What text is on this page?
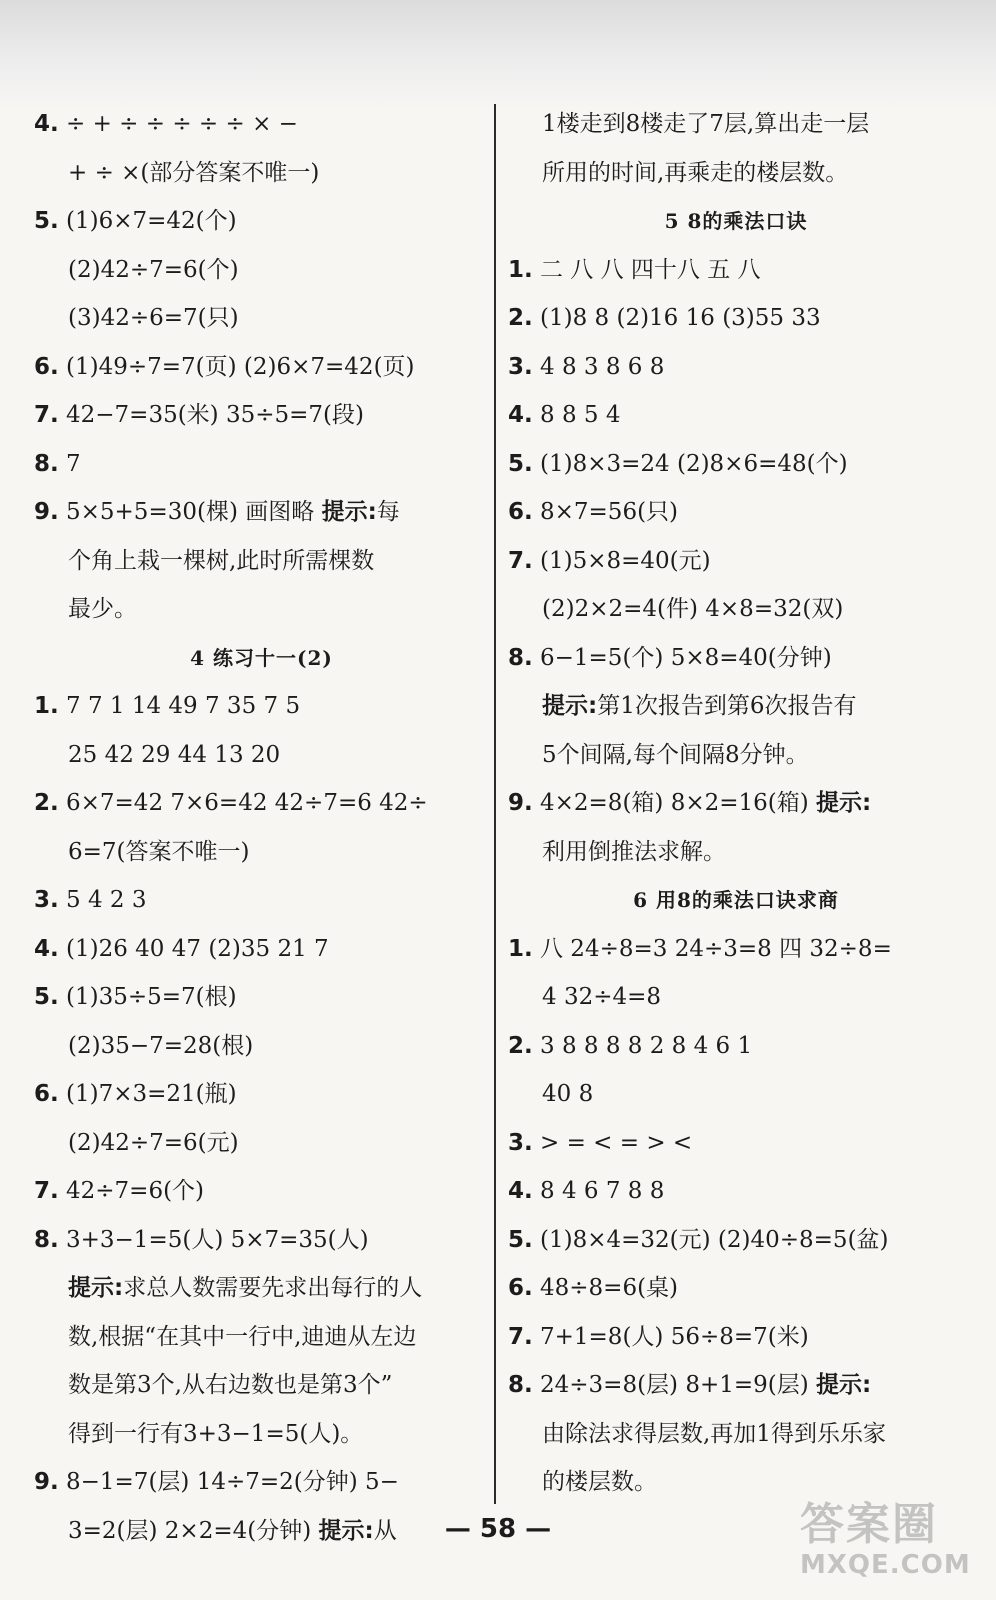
4. ÷ + ÷ ÷ ÷ ÷ ÷ × −
+ ÷ ×(部分答案不唯一)
5. (1)6×7=42(个)
(2)42÷7=6(个)
(3)42÷6=7(只)
6. (1)49÷7=7(页) (2)6×7=42(页)
7. 42−7=35(米) 35÷5=7(段)
8. 7
9. 5×5+5=30(棵) 画图略 提示:每
个角上栽一棵树,此时所需棵数
最少。
4 练习十一(2)
1. 7 7 1 14 49 7 35 7 5
25 42 29 44 13 20
2. 6×7=42 7×6=42 42÷7=6 42÷
6=7(答案不唯一)
3. 5 4 2 3
4. (1)26 40 47 (2)35 21 7
5. (1)35÷5=7(根)
(2)35−7=28(根)
6. (1)7×3=21(瓶)
(2)42÷7=6(元)
7. 42÷7=6(个)
8. 3+3−1=5(人) 5×7=35(人)
提示:求总人数需要先求出每行的人
数,根据“在其中一行中,迪迪从左边
数是第3个,从右边数也是第3个”
得到一行有3+3−1=5(人)。
9. 8−1=7(层) 14÷7=2(分钟) 5−
3=2(层) 2×2=4(分钟) 提示:从
1楼走到8楼走了7层,算出走一层
所用的时间,再乘走的楼层数。
5 8的乘法口诀
1. 二 八 八 四十八 五 八
2. (1)8 8 (2)16 16 (3)55 33
3. 4 8 3 8 6 8
4. 8 8 5 4
5. (1)8×3=24 (2)8×6=48(个)
6. 8×7=56(只)
7. (1)5×8=40(元)
(2)2×2=4(件) 4×8=32(双)
8. 6−1=5(个) 5×8=40(分钟)
提示:第1次报告到第6次报告有
5个间隔,每个间隔8分钟。
9. 4×2=8(箱) 8×2=16(箱) 提示:
利用倒推法求解。
6 用8的乘法口诀求商
1. 八 24÷8=3 24÷3=8 四 32÷8=
4 32÷4=8
2. 3 8 8 8 8 2 8 4 6 1
40 8
3. > = < = > <
4. 8 4 6 7 8 8
5. (1)8×4=32(元) (2)40÷8=5(盆)
6. 48÷8=6(桌)
7. 7+1=8(人) 56÷8=7(米)
8. 24÷3=8(层) 8+1=9(层) 提示:
由除法求得层数,再加1得到乐乐家
的楼层数。
— 58 —	答案圈
MXQE.COM
